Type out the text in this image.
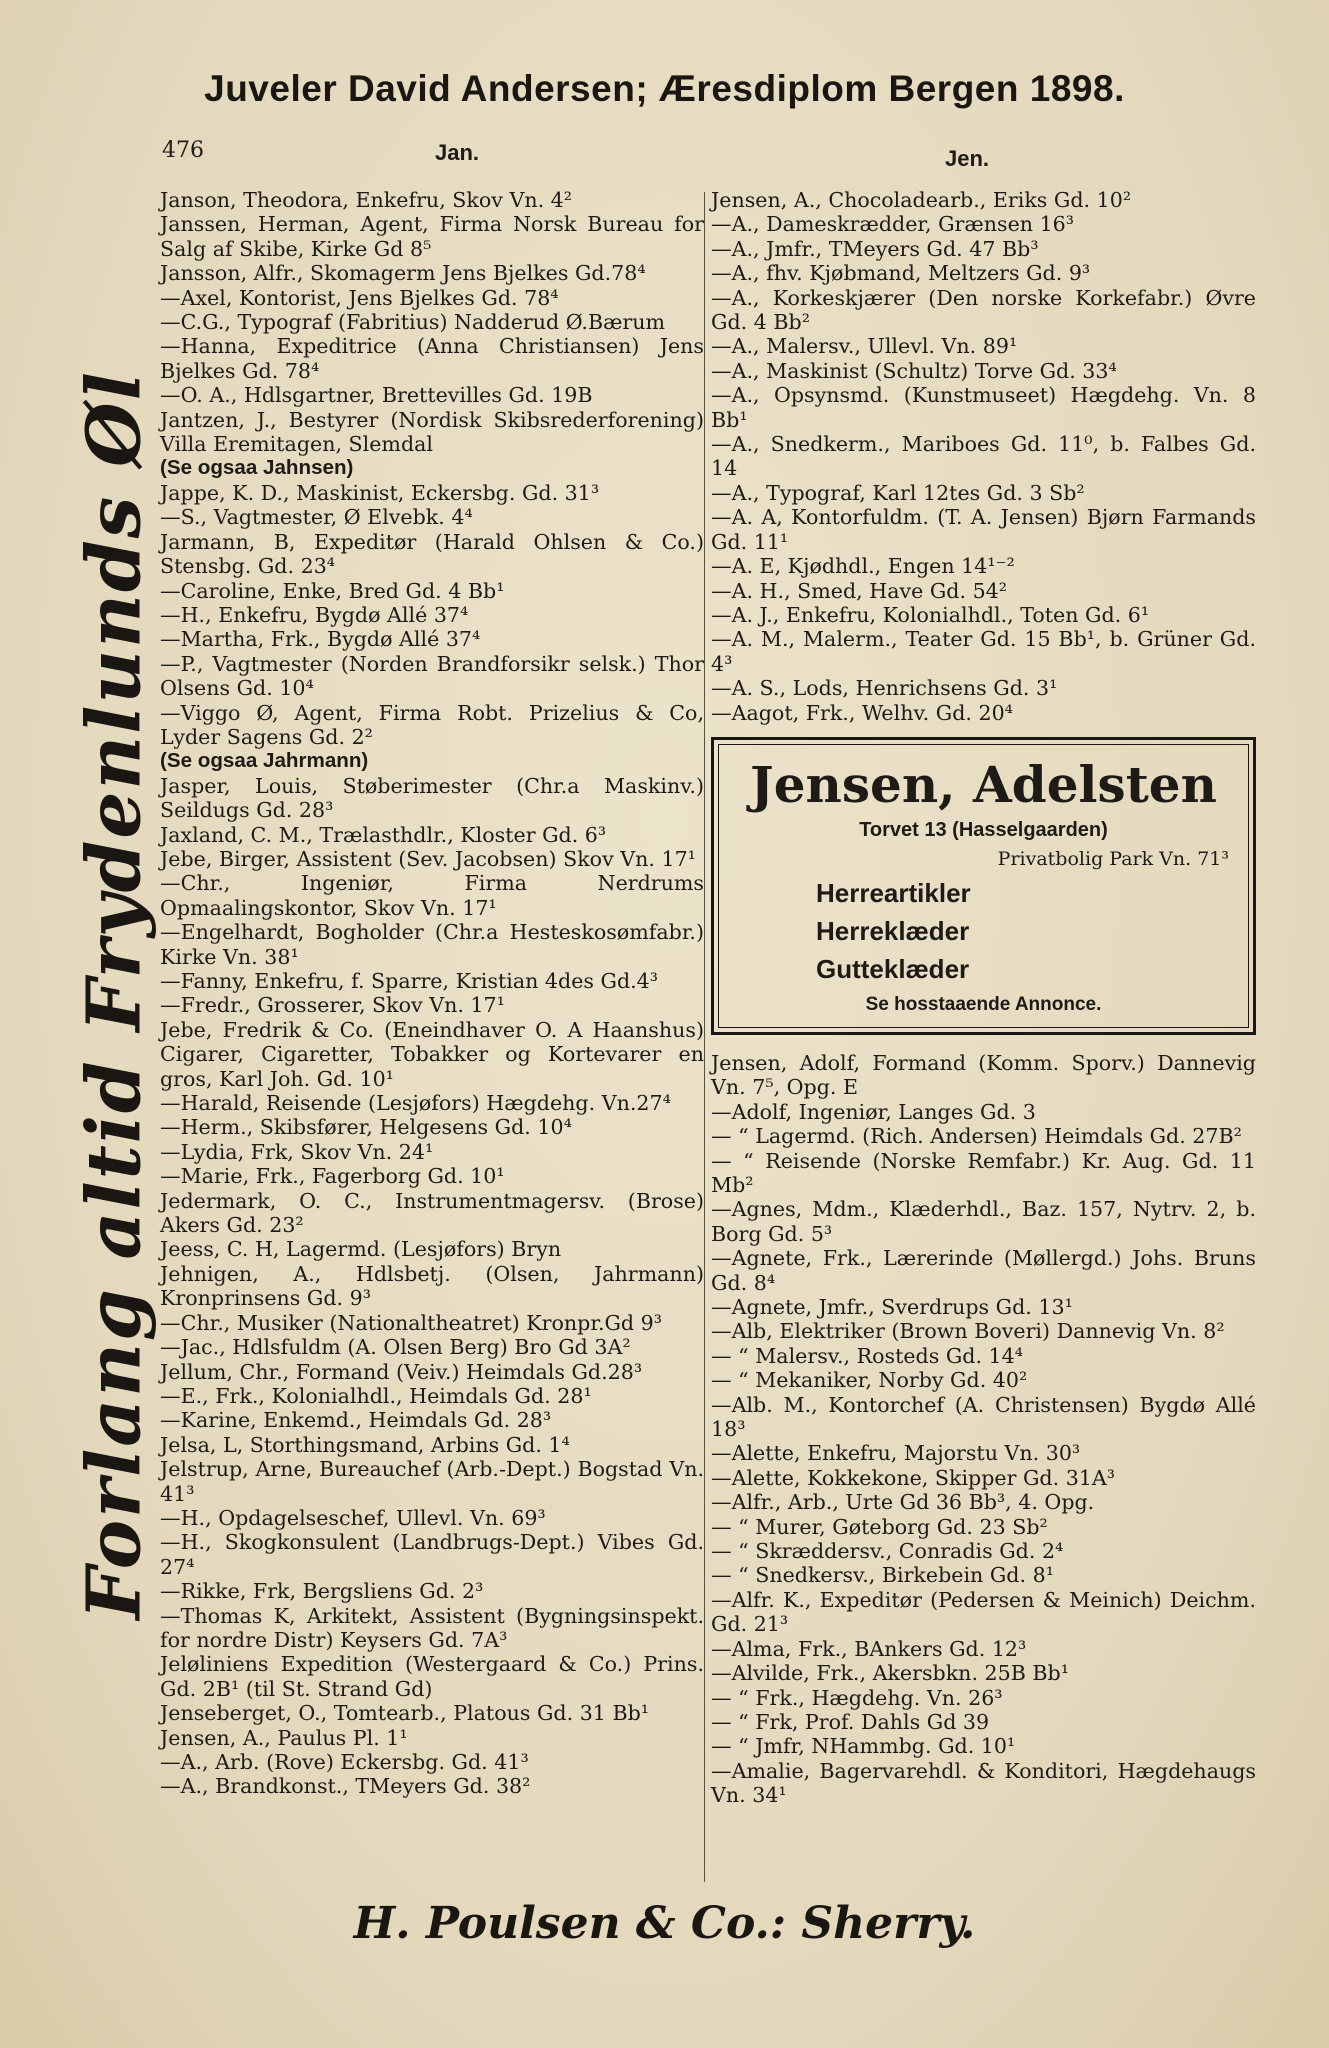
Juveler David Andersen; Æresdiplom Bergen 1898.
476	Jan.	Jen.
Forlang altid Frydenlunds Øl
Janson, Theodora, Enkefru, Skov Vn. 4²
Janssen, Herman, Agent, Firma Norsk Bureau for Salg af Skibe, Kirke Gd 8⁵
Jansson, Alfr., Skomagerm Jens Bjelkes Gd.78⁴
—Axel, Kontorist, Jens Bjelkes Gd. 78⁴
—C.G., Typograf (Fabritius) Nadderud Ø.Bærum
—Hanna, Expeditrice (Anna Christiansen) Jens Bjelkes Gd. 78⁴
—O. A., Hdlsgartner, Brettevilles Gd. 19B
Jantzen, J., Bestyrer (Nordisk Skibsrederforening) Villa Eremitagen, Slemdal
(Se ogsaa Jahnsen)
Jappe, K. D., Maskinist, Eckersbg. Gd. 31³
—S., Vagtmester, Ø Elvebk. 4⁴
Jarmann, B, Expeditør (Harald Ohlsen & Co.) Stensbg. Gd. 23⁴
—Caroline, Enke, Bred Gd. 4 Bb¹
—H., Enkefru, Bygdø Allé 37⁴
—Martha, Frk., Bygdø Allé 37⁴
—P., Vagtmester (Norden Brandforsikr selsk.) Thor Olsens Gd. 10⁴
—Viggo Ø, Agent, Firma Robt. Prizelius & Co, Lyder Sagens Gd. 2²
(Se ogsaa Jahrmann)
Jasper, Louis, Støberimester (Chr.a Maskinv.) Seildugs Gd. 28³
Jaxland, C. M., Trælasthdlr., Kloster Gd. 6³
Jebe, Birger, Assistent (Sev. Jacobsen) Skov Vn. 17¹
—Chr., Ingeniør, Firma Nerdrums Opmaalingskontor, Skov Vn. 17¹
—Engelhardt, Bogholder (Chr.a Hesteskosømfabr.) Kirke Vn. 38¹
—Fanny, Enkefru, f. Sparre, Kristian 4des Gd.4³
—Fredr., Grosserer, Skov Vn. 17¹
Jebe, Fredrik & Co. (Eneindhaver O. A Haanshus) Cigarer, Cigaretter, Tobakker og Kortevarer en gros, Karl Joh. Gd. 10¹
—Harald, Reisende (Lesjøfors) Hægdehg. Vn.27⁴
—Herm., Skibsfører, Helgesens Gd. 10⁴
—Lydia, Frk, Skov Vn. 24¹
—Marie, Frk., Fagerborg Gd. 10¹
Jedermark, O. C., Instrumentmagersv. (Brose) Akers Gd. 23²
Jeess, C. H, Lagermd. (Lesjøfors) Bryn
Jehnigen, A., Hdlsbetj. (Olsen, Jahrmann) Kronprinsens Gd. 9³
—Chr., Musiker (Nationaltheatret) Kronpr.Gd 9³
—Jac., Hdlsfuldm (A. Olsen Berg) Bro Gd 3A²
Jellum, Chr., Formand (Veiv.) Heimdals Gd.28³
—E., Frk., Kolonialhdl., Heimdals Gd. 28¹
—Karine, Enkemd., Heimdals Gd. 28³
Jelsa, L, Storthingsmand, Arbins Gd. 1⁴
Jelstrup, Arne, Bureauchef (Arb.-Dept.) Bogstad Vn. 41³
—H., Opdagelseschef, Ullevl. Vn. 69³
—H., Skogkonsulent (Landbrugs-Dept.) Vibes Gd. 27⁴
—Rikke, Frk, Bergsliens Gd. 2³
—Thomas K, Arkitekt, Assistent (Bygningsinspekt. for nordre Distr) Keysers Gd. 7A³
Jeløliniens Expedition (Westergaard & Co.) Prins. Gd. 2B¹ (til St. Strand Gd)
Jenseberget, O., Tomtearb., Platous Gd. 31 Bb¹
Jensen, A., Paulus Pl. 1¹
—A., Arb. (Rove) Eckersbg. Gd. 41³
—A., Brandkonst., TMeyers Gd. 38²
Jensen, A., Chocoladearb., Eriks Gd. 10²
—A., Dameskrædder, Grænsen 16³
—A., Jmfr., TMeyers Gd. 47 Bb³
—A., fhv. Kjøbmand, Meltzers Gd. 9³
—A., Korkeskjærer (Den norske Korkefabr.) Øvre Gd. 4 Bb²
—A., Malersv., Ullevl. Vn. 89¹
—A., Maskinist (Schultz) Torve Gd. 33⁴
—A., Opsynsmd. (Kunstmuseet) Hægdehg. Vn. 8 Bb¹
—A., Snedkerm., Mariboes Gd. 11⁰, b. Falbes Gd. 14
—A., Typograf, Karl 12tes Gd. 3 Sb²
—A. A, Kontorfuldm. (T. A. Jensen) Bjørn Farmands Gd. 11¹
—A. E, Kjødhdl., Engen 14¹⁻²
—A. H., Smed, Have Gd. 54²
—A. J., Enkefru, Kolonialhdl., Toten Gd. 6¹
—A. M., Malerm., Teater Gd. 15 Bb¹, b. Grüner Gd. 4³
—A. S., Lods, Henrichsens Gd. 3¹
—Aagot, Frk., Welhv. Gd. 20⁴
Jensen, Adelsten
Torvet 13 (Hasselgaarden)
Privatbolig Park Vn. 71³
Herreartikler
Herreklæder
Gutteklæder
Se hosstaaende Annonce.
Jensen, Adolf, Formand (Komm. Sporv.) Dannevig Vn. 7⁵, Opg. E
—Adolf, Ingeniør, Langes Gd. 3
— “ Lagermd. (Rich. Andersen) Heimdals Gd. 27B²
— “ Reisende (Norske Remfabr.) Kr. Aug. Gd. 11 Mb²
—Agnes, Mdm., Klæderhdl., Baz. 157, Nytrv. 2, b. Borg Gd. 5³
—Agnete, Frk., Lærerinde (Møllergd.) Johs. Bruns Gd. 8⁴
—Agnete, Jmfr., Sverdrups Gd. 13¹
—Alb, Elektriker (Brown Boveri) Dannevig Vn. 8²
— “ Malersv., Rosteds Gd. 14⁴
— “ Mekaniker, Norby Gd. 40²
—Alb. M., Kontorchef (A. Christensen) Bygdø Allé 18³
—Alette, Enkefru, Majorstu Vn. 30³
—Alette, Kokkekone, Skipper Gd. 31A³
—Alfr., Arb., Urte Gd 36 Bb³, 4. Opg.
— “ Murer, Gøteborg Gd. 23 Sb²
— “ Skræddersv., Conradis Gd. 2⁴
— “ Snedkersv., Birkebein Gd. 8¹
—Alfr. K., Expeditør (Pedersen & Meinich) Deichm. Gd. 21³
—Alma, Frk., BAnkers Gd. 12³
—Alvilde, Frk., Akersbkn. 25B Bb¹
— “ Frk., Hægdehg. Vn. 26³
— “ Frk, Prof. Dahls Gd 39
— “ Jmfr, NHammbg. Gd. 10¹
—Amalie, Bagervarehdl. & Konditori, Hægdehaugs Vn. 34¹
H. Poulsen & Co.: Sherry.
